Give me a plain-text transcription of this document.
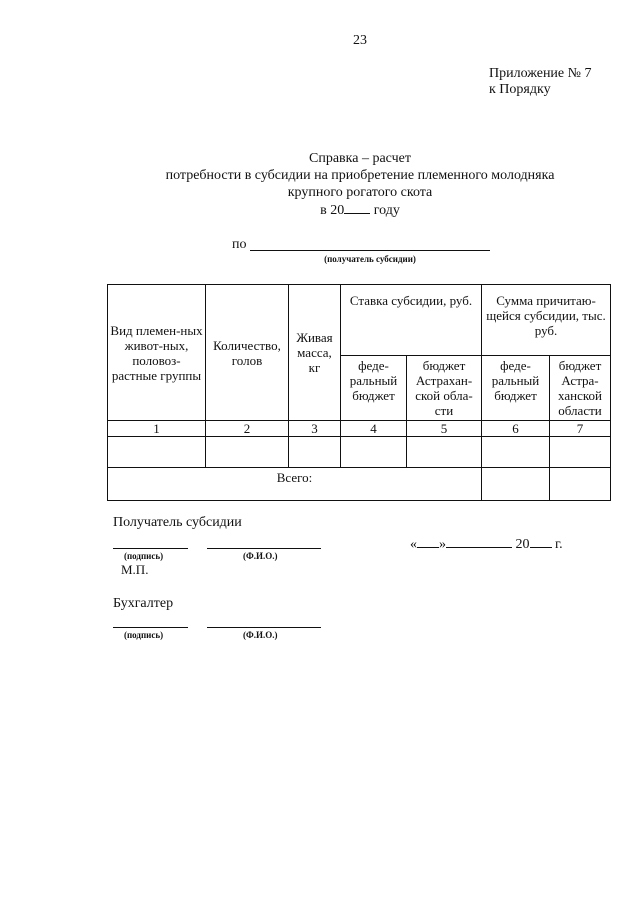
23
Приложение № 7
к Порядку
Справка – расчет
потребности в субсидии на приобретение племенного молодняка
крупного рогатого скота
в 20 году
по
(получатель субсидии)
Вид племен-ных живот-ных, половоз-растные группы	Количество, голов	Живая масса, кг	Ставка субсидии, руб.		Сумма причитаю-щейся субсидии, тыс. руб.	
			феде-ральный бюджет	бюджет Астрахан-ской обла-сти	феде-ральный бюджет	бюджет Астра-ханской области
1	2	3	4	5	6	7

Всего:						
Получатель субсидии
(подпись)	(Ф.И.О.)
М.П.
« »	20 г.
Бухгалтер
(подпись)	(Ф.И.О.)
